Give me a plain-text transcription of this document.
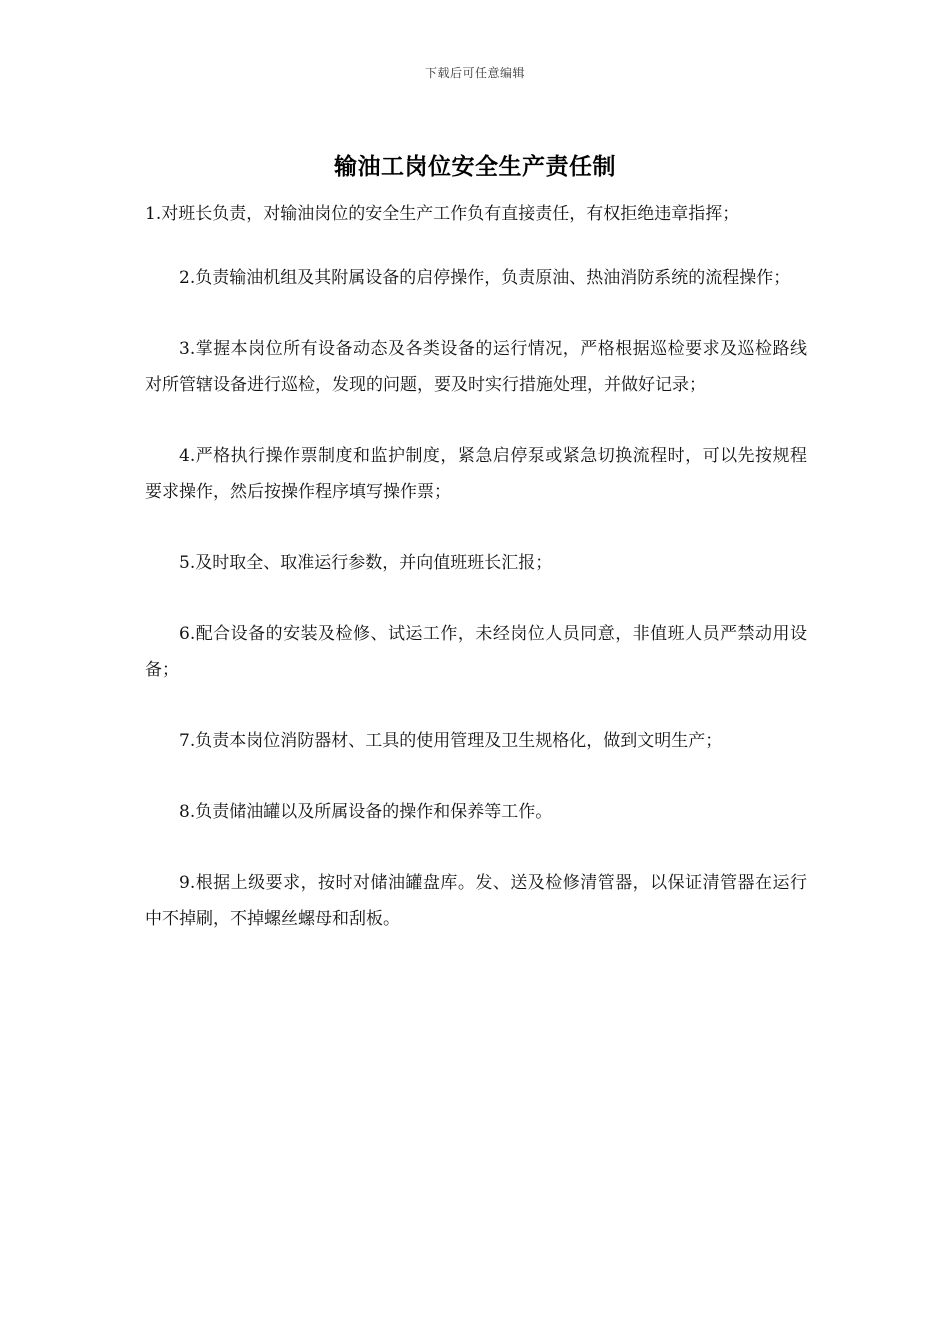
下载后可任意编辑
输油工岗位安全生产责任制

1.对班长负责，对输油岗位的安全生产工作负有直接责任，有权拒绝违章指挥；

2.负责输油机组及其附属设备的启停操作，负责原油、热油消防系统的流程操作；

3.掌握本岗位所有设备动态及各类设备的运行情况，严格根据巡检要求及巡检路线对所管辖设备进行巡检，发现的问题，要及时实行措施处理，并做好记录；

4.严格执行操作票制度和监护制度，紧急启停泵或紧急切换流程时，可以先按规程要求操作，然后按操作程序填写操作票；

5.及时取全、取准运行参数，并向值班班长汇报；

6.配合设备的安装及检修、试运工作，未经岗位人员同意，非值班人员严禁动用设备；

7.负责本岗位消防器材、工具的使用管理及卫生规格化，做到文明生产；

8.负责储油罐以及所属设备的操作和保养等工作。

9.根据上级要求，按时对储油罐盘库。发、送及检修清管器，以保证清管器在运行中不掉刷，不掉螺丝螺母和刮板。
